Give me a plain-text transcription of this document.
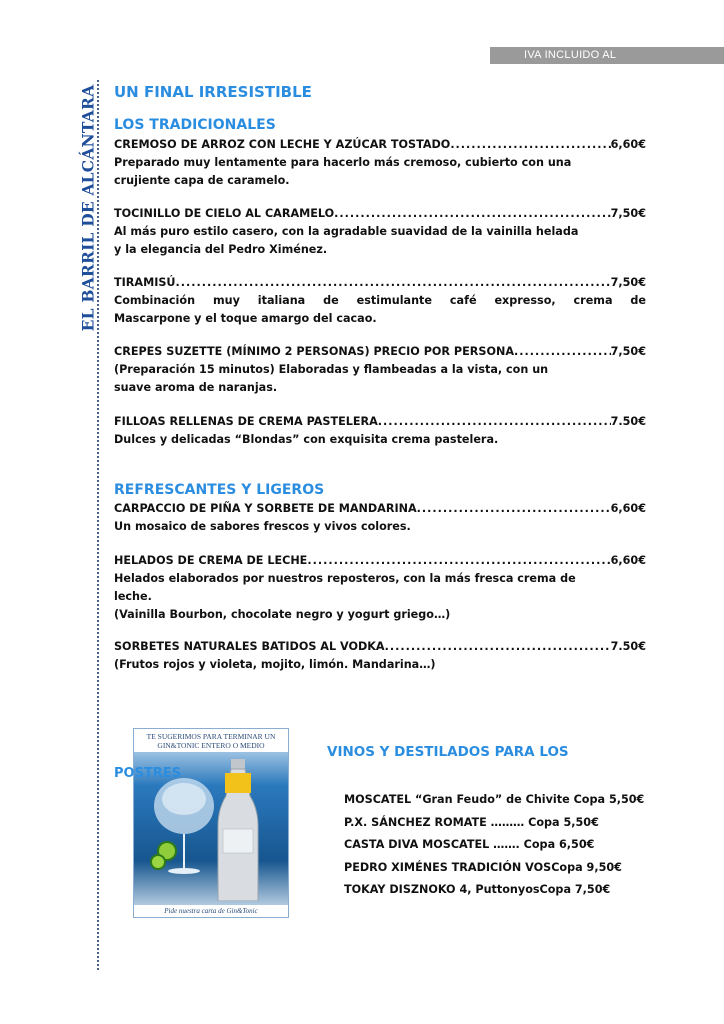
IVA INCLUIDO AL
EL BARRIL DE ALCÁNTARA UN FINAL IRRESISTIBLE
LOS TRADICIONALES
CREMOSO DE ARROZ CON LECHE Y AZÚCAR TOSTADO .....	6,60€
Preparado muy lentamente para hacerlo más cremoso, cubierto con una
crujiente capa de caramelo.
TOCINILLO DE CIELO AL CARAMELO .....	7,50€
Al más puro estilo casero, con la agradable suavidad de la vainilla helada
y la elegancia del Pedro Ximénez.
TIRAMISÚ .....	7,50€
Combinación muy italiana de estimulante café expresso, crema de
Mascarpone y el toque amargo del cacao.
CREPES SUZETTE (MÍNIMO 2 PERSONAS) PRECIO POR PERSONA .....	7,50€
(Preparación 15 minutos) Elaboradas y flambeadas a la vista, con un
suave aroma de naranjas.
FILLOAS RELLENAS DE CREMA PASTELERA .....	7.50€
Dulces y delicadas “Blondas” con exquisita crema pastelera.
REFRESCANTES Y LIGEROS
CARPACCIO DE PIÑA Y SORBETE DE MANDARINA .....	6,60€
Un mosaico de sabores frescos y vivos colores.
HELADOS DE CREMA DE LECHE .....	6,60€
Helados elaborados por nuestros reposteros, con la más fresca crema de
leche.
(Vainilla Bourbon, chocolate negro y yogurt griego…)
SORBETES NATURALES BATIDOS AL VODKA .....	7.50€
(Frutos rojos y violeta, mojito, limón. Mandarina…)
TE SUGERIMOS PARA TERMINAR UN
GIN&TONIC ENTERO O MEDIO
Pide nuestra carta de Gin&Tonic
POSTRES
VINOS Y DESTILADOS PARA LOS
MOSCATEL “Gran Feudo” de Chivite Copa 5,50€
P.X. SÁNCHEZ ROMATE ……… Copa 5,50€
CASTA DIVA MOSCATEL ……. Copa 6,50€
PEDRO XIMÉNES TRADICIÓN VOSCopa 9,50€
TOKAY DISZNOKO 4, PuttonyosCopa 7,50€
